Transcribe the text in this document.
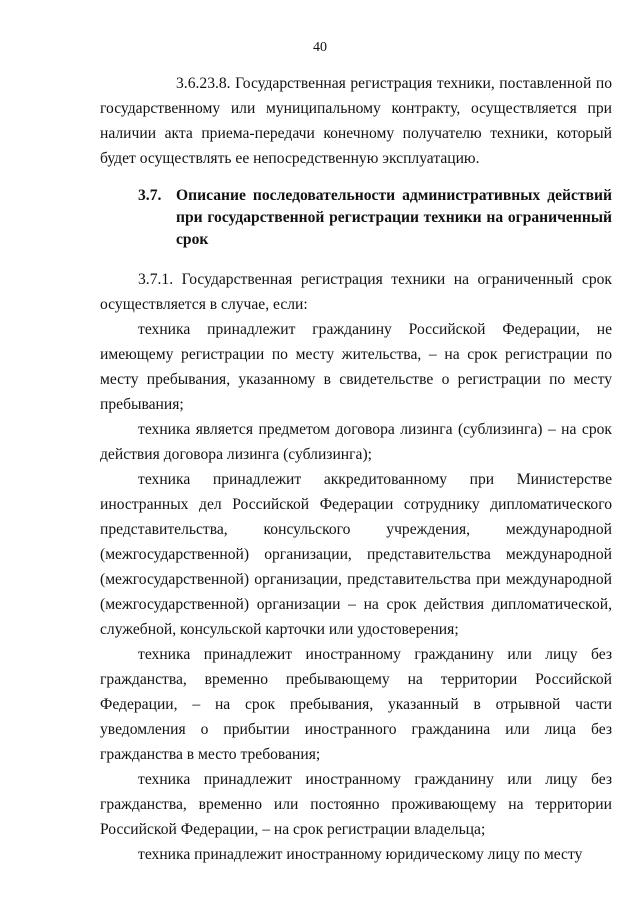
40

3.6.23.8. Государственная регистрация техники, поставленной по государственному или муниципальному контракту, осуществляется при наличии акта приема-передачи конечному получателю техники, который будет осуществлять ее непосредственную эксплуатацию.

3.7. Описание последовательности административных действий при государственной регистрации техники на ограниченный срок

3.7.1. Государственная регистрация техники на ограниченный срок осуществляется в случае, если:

техника принадлежит гражданину Российской Федерации, не имеющему регистрации по месту жительства, – на срок регистрации по месту пребывания, указанному в свидетельстве о регистрации по месту пребывания;

техника является предметом договора лизинга (сублизинга) – на срок действия договора лизинга (сублизинга);

техника принадлежит аккредитованному при Министерстве иностранных дел Российской Федерации сотруднику дипломатического представительства, консульского учреждения, международной (межгосударственной) организации, представительства международной (межгосударственной) организации, представительства при международной (межгосударственной) организации – на срок действия дипломатической, служебной, консульской карточки или удостоверения;

техника принадлежит иностранному гражданину или лицу без гражданства, временно пребывающему на территории Российской Федерации, – на срок пребывания, указанный в отрывной части уведомления о прибытии иностранного гражданина или лица без гражданства в место требования;

техника принадлежит иностранному гражданину или лицу без гражданства, временно или постоянно проживающему на территории Российской Федерации, – на срок регистрации владельца;

техника принадлежит иностранному юридическому лицу по месту
